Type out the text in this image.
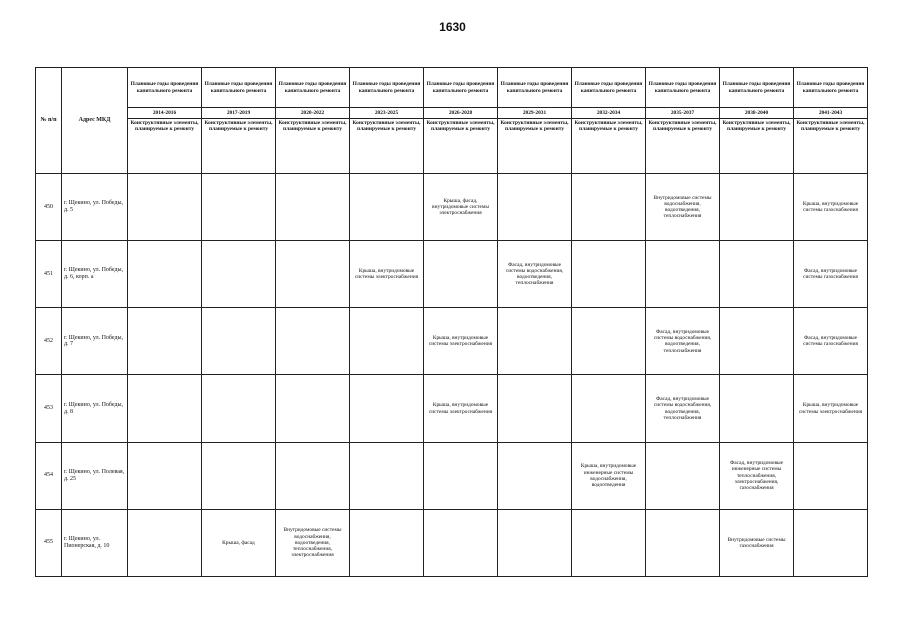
1630
№ п/п	Адрес МКД	Плановые годы проведения капитального ремонта	Плановые годы проведения капитального ремонта	Плановые годы проведения капитального ремонта	Плановые годы проведения капитального ремонта	Плановые годы проведения капитального ремонта	Плановые годы проведения капитального ремонта	Плановые годы проведения капитального ремонта	Плановые годы проведения капитального ремонта	Плановые годы проведения капитального ремонта	Плановые годы проведения капитального ремонта
		2014-2016	2017-2019	2020-2022	2023-2025	2026-2028	2029-2031	2032-2034	2035-2037	2038-2040	2041-2043
		Конструктивные элементы, планируемые к ремонту	Конструктивные элементы, планируемые к ремонту	Конструктивные элементы, планируемые к ремонту	Конструктивные элементы, планируемые к ремонту	Конструктивные элементы, планируемые к ремонту	Конструктивные элементы, планируемые к ремонту	Конструктивные элементы, планируемые к ремонту	Конструктивные элементы, планируемые к ремонту	Конструктивные элементы, планируемые к ремонту	Конструктивные элементы, планируемые к ремонту
450	г. Щекино, ул. Победы, д. 5					Крыша, фасад, внутридомовые системы электроснабжения			Внутридомовые системы водоснабжения, водоотведения, теплоснабжения		Крыша, внутридомовые системы газоснабжения
451	г. Щекино, ул. Победы, д. 6, корп. а				Крыша, внутридомовые системы электроснабжения		Фасад, внутридомовые системы водоснабжения, водоотведения, теплоснабжения				Фасад, внутридомовые системы газоснабжения
452	г. Щекино, ул. Победы, д. 7					Крыша, внутридомовые системы электроснабжения			Фасад, внутридомовые системы водоснабжения, водоотведения, теплоснабжения		Фасад, внутридомовые системы газоснабжения
453	г. Щекино, ул. Победы, д. 8					Крыша, внутридомовые системы электроснабжения			Фасад, внутридомовые системы водоснабжения, водоотведения, теплоснабжения		Крыша, внутридомовые системы электроснабжения
454	г. Щекино, ул. Полевая, д. 25							Крыша, внутридомовые инженерные системы водоснабжения, водоотведения		Фасад, внутридомовые инженерные системы теплоснабжения, электроснабжения, газоснабжения	
455	г. Щекино, ул. Пионерская, д. 10		Крыша, фасад	Внутридомовые системы водоснабжения, водоотведения, теплоснабжения, электроснабжения						Внутридомовые системы газоснабжения	
